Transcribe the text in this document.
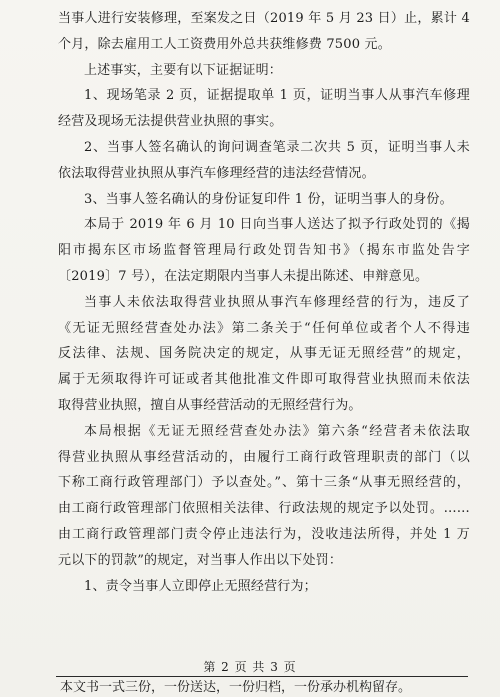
当事人进行安装修理，至案发之日（2019 年 5 月 23 日）止，累计 4
个月，除去雇用工人工资费用外总共获维修费 7500 元。
上述事实，主要有以下证据证明：
1、现场笔录 2 页，证据提取单 1 页，证明当事人从事汽车修理
经营及现场无法提供营业执照的事实。
2、当事人签名确认的询问调查笔录二次共 5 页，证明当事人未
依法取得营业执照从事汽车修理经营的违法经营情况。
3、当事人签名确认的身份证复印件 1 份，证明当事人的身份。
本局于 2019 年 6 月 10 日向当事人送达了拟予行政处罚的《揭
阳市揭东区市场监督管理局行政处罚告知书》（揭东市监处告字
〔2019〕7 号），在法定期限内当事人未提出陈述、申辩意见。
当事人未依法取得营业执照从事汽车修理经营的行为，违反了
《无证无照经营查处办法》第二条关于“任何单位或者个人不得违
反法律、法规、国务院决定的规定，从事无证无照经营”的规定，
属于无须取得许可证或者其他批准文件即可取得营业执照而未依法
取得营业执照，擅自从事经营活动的无照经营行为。
本局根据《无证无照经营查处办法》第六条“经营者未依法取
得营业执照从事经营活动的，由履行工商行政管理职责的部门（以
下称工商行政管理部门）予以查处。”、第十三条“从事无照经营的，
由工商行政管理部门依照相关法律、行政法规的规定予以处罚。……
由工商行政管理部门责令停止违法行为，没收违法所得，并处 1 万
元以下的罚款”的规定，对当事人作出以下处罚：
1、责令当事人立即停止无照经营行为；
第 2 页 共 3 页
本文书一式三份，一份送达，一份归档，一份承办机构留存。
